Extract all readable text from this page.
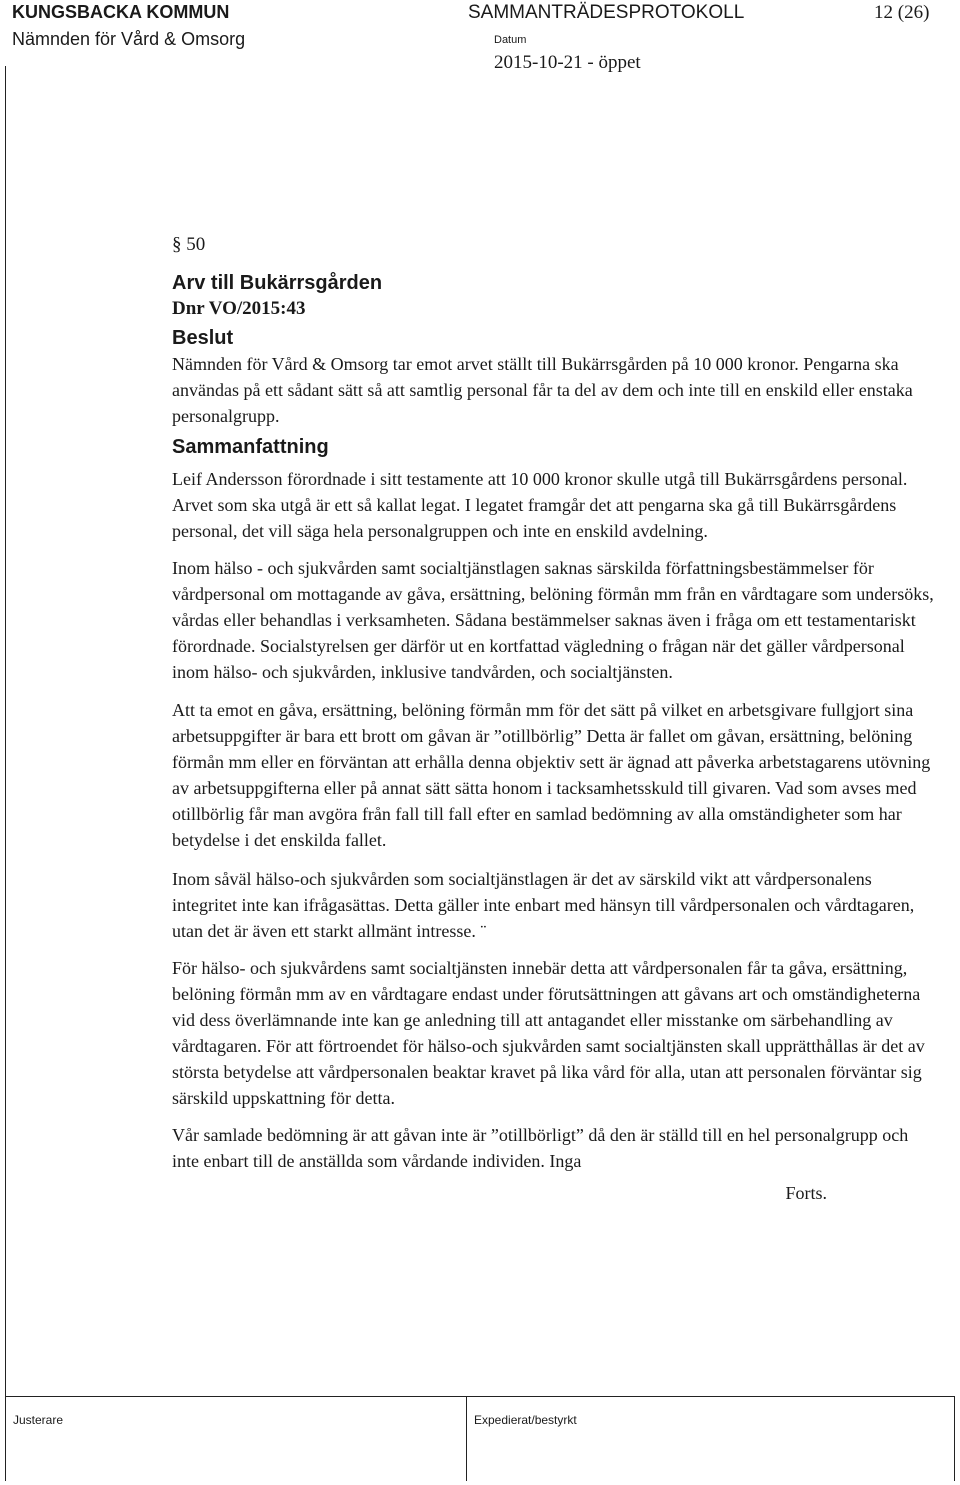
KUNGSBACKA KOMMUN
Nämnden för Vård & Omsorg
SAMMANTRÄDESPROTOKOLL	12 (26)
Datum
2015-10-21 - öppet

§ 50

Arv till Bukärrsgården

Dnr VO/2015:43

Beslut

Nämnden för Vård & Omsorg tar emot arvet ställt till Bukärrsgården på 10 000 kronor. Pengarna ska användas på ett sådant sätt så att samtlig personal får ta del av dem och inte till en enskild eller enstaka personalgrupp.

Sammanfattning

Leif Andersson förordnade i sitt testamente att 10 000 kronor skulle utgå till Bukärrsgårdens personal. Arvet som ska utgå är ett så kallat legat. I legatet framgår det att pengarna ska gå till Bukärrsgårdens personal, det vill säga hela personalgruppen och inte en enskild avdelning.

Inom hälso - och sjukvården samt socialtjänstlagen saknas särskilda författningsbestämmelser för vårdpersonal om mottagande av gåva, ersättning, belöning förmån mm från en vårdtagare som undersöks, vårdas eller behandlas i verksamheten. Sådana bestämmelser saknas även i fråga om ett testamentariskt förordnade. Socialstyrelsen ger därför ut en kortfattad vägledning o frågan när det gäller vårdpersonal inom hälso- och sjukvården, inklusive tandvården, och socialtjänsten.

Att ta emot en gåva, ersättning, belöning förmån mm för det sätt på vilket en arbetsgivare fullgjort sina arbetsuppgifter är bara ett brott om gåvan är ”otillbörlig” Detta är fallet om gåvan, ersättning, belöning förmån mm eller en förväntan att erhålla denna objektiv sett är ägnad att påverka arbetstagarens utövning av arbetsuppgifterna eller på annat sätt sätta honom i tacksamhetsskuld till givaren. Vad som avses med otillbörlig får man avgöra från fall till fall efter en samlad bedömning av alla omständigheter som har betydelse i det enskilda fallet.

Inom såväl hälso-och sjukvården som socialtjänstlagen är det av särskild vikt att vårdpersonalens integritet inte kan ifrågasättas. Detta gäller inte enbart med hänsyn till vårdpersonalen och vårdtagaren, utan det är även ett starkt allmänt intresse. ¨

För hälso- och sjukvårdens samt socialtjänsten innebär detta att vårdpersonalen får ta gåva, ersättning, belöning förmån mm av en vårdtagare endast under förutsättningen att gåvans art och omständigheterna vid dess överlämnande inte kan ge anledning till att antagandet eller misstanke om särbehandling av vårdtagaren. För att förtroendet för hälso-och sjukvården samt socialtjänsten skall upprätthållas är det av största betydelse att vårdpersonalen beaktar kravet på lika vård för alla, utan att personalen förväntar sig särskild uppskattning för detta.

Vår samlade bedömning är att gåvan inte är ”otillbörligt” då den är ställd till en hel personalgrupp och inte enbart till de anställda som vårdande individen. Inga

Forts.

Justerare	Expedierat/bestyrkt
